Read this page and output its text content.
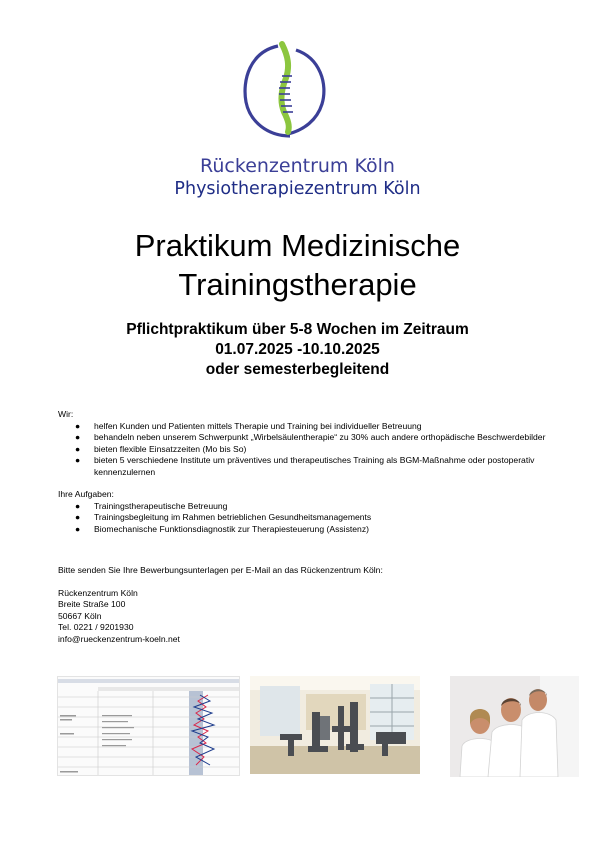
Rückenzentrum Köln
Physiotherapiezentrum Köln
Praktikum Medizinische
Trainingstherapie
Pflichtpraktikum über 5-8 Wochen im Zeitraum
01.07.2025 -10.10.2025
oder semesterbegleitend

Wir:

● helfen Kunden und Patienten mittels Therapie und Training bei individueller Betreuung
● behandeln neben unserem Schwerpunkt „Wirbelsäulentherapie“ zu 30% auch andere orthopädische Beschwerdebilder
● bieten flexible Einsatzzeiten (Mo bis So)
● bieten 5 verschiedene Institute um präventives und therapeutisches Training als BGM-Maßnahme oder postoperativ kennenzulernen

Ihre Aufgaben:

● Trainingstherapeutische Betreuung
● Trainingsbegleitung im Rahmen betrieblichen Gesundheitsmanagements
● Biomechanische Funktionsdiagnostik zur Therapiesteuerung (Assistenz)

Bitte senden Sie Ihre Bewerbungsunterlagen per E-Mail an das Rückenzentrum Köln:

Rückenzentrum Köln

Breite Straße 100

50667 Köln

Tel. 0221 / 9201930

info@rueckenzentrum-koeln.net
